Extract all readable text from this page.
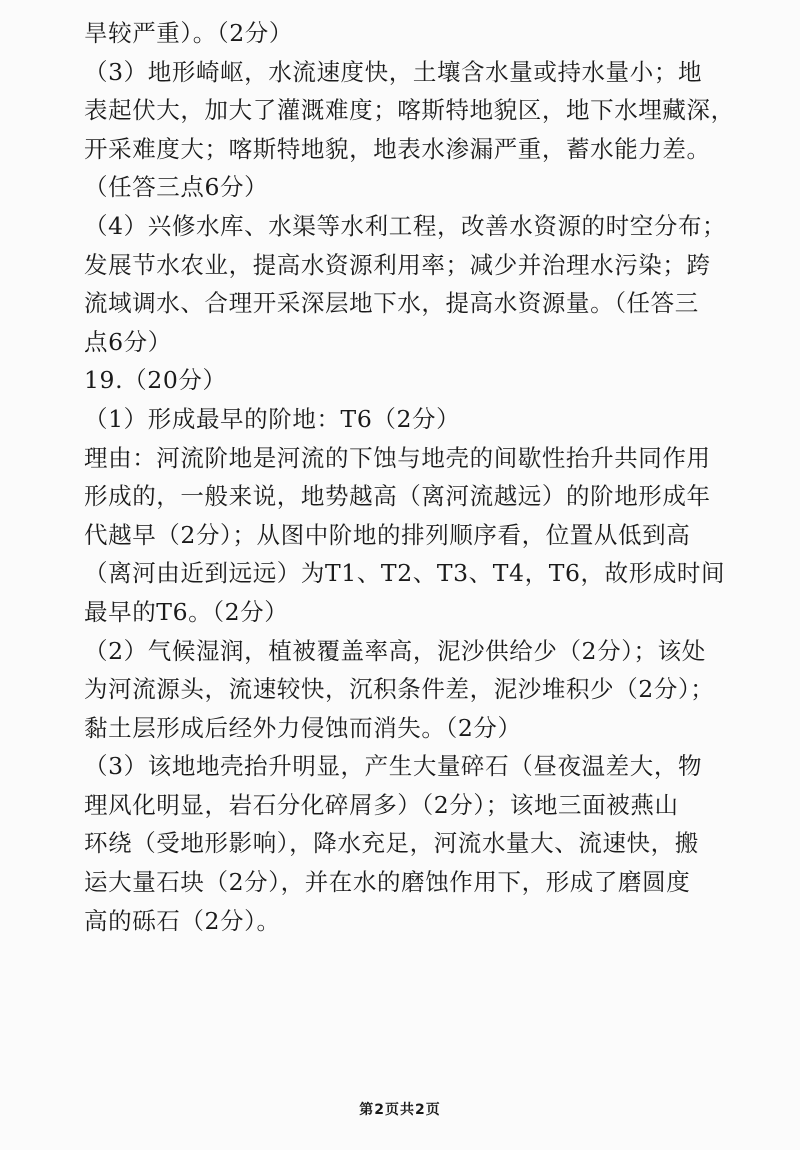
旱较严重）。（2分）
（3）地形崎岖，水流速度快，土壤含水量或持水量小；地
表起伏大，加大了灌溉难度；喀斯特地貌区，地下水埋藏深，
开采难度大；喀斯特地貌，地表水渗漏严重，蓄水能力差。
（任答三点6分）
（4）兴修水库、水渠等水利工程，改善水资源的时空分布；
发展节水农业，提高水资源利用率；减少并治理水污染；跨
流域调水、合理开采深层地下水，提高水资源量。（任答三
点6分）
19.（20分）
（1）形成最早的阶地：T6（2分）
理由：河流阶地是河流的下蚀与地壳的间歇性抬升共同作用
形成的，一般来说，地势越高（离河流越远）的阶地形成年
代越早（2分）；从图中阶地的排列顺序看，位置从低到高
（离河由近到远远）为T1、T2、T3、T4，T6，故形成时间
最早的T6。（2分）
（2）气候湿润，植被覆盖率高，泥沙供给少（2分）；该处
为河流源头，流速较快，沉积条件差，泥沙堆积少（2分）；
黏土层形成后经外力侵蚀而消失。（2分）
（3）该地地壳抬升明显，产生大量碎石（昼夜温差大，物
理风化明显，岩石分化碎屑多）（2分）；该地三面被燕山
环绕（受地形影响），降水充足，河流水量大、流速快，搬
运大量石块（2分），并在水的磨蚀作用下，形成了磨圆度
高的砾石（2分）。
第2页共2页
